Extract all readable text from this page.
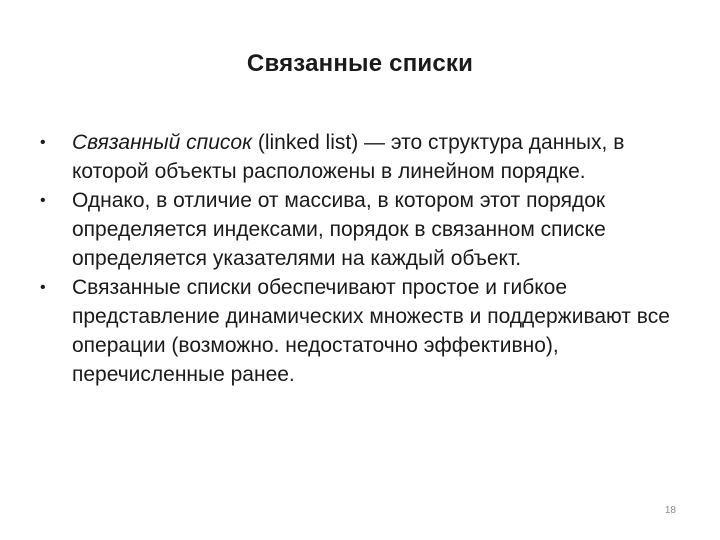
Связанные списки
• Связанный список (linked list) — это структура данных, в которой объекты расположены в линейном порядке.
• Однако, в отличие от массива, в котором этот порядок определяется индексами, порядок в связанном списке определяется указателями на каждый объект.
• Связанные списки обеспечивают простое и гибкое представление динамических множеств и поддерживают все операции (возможно. недостаточно эффективно), перечисленные ранее.
18
